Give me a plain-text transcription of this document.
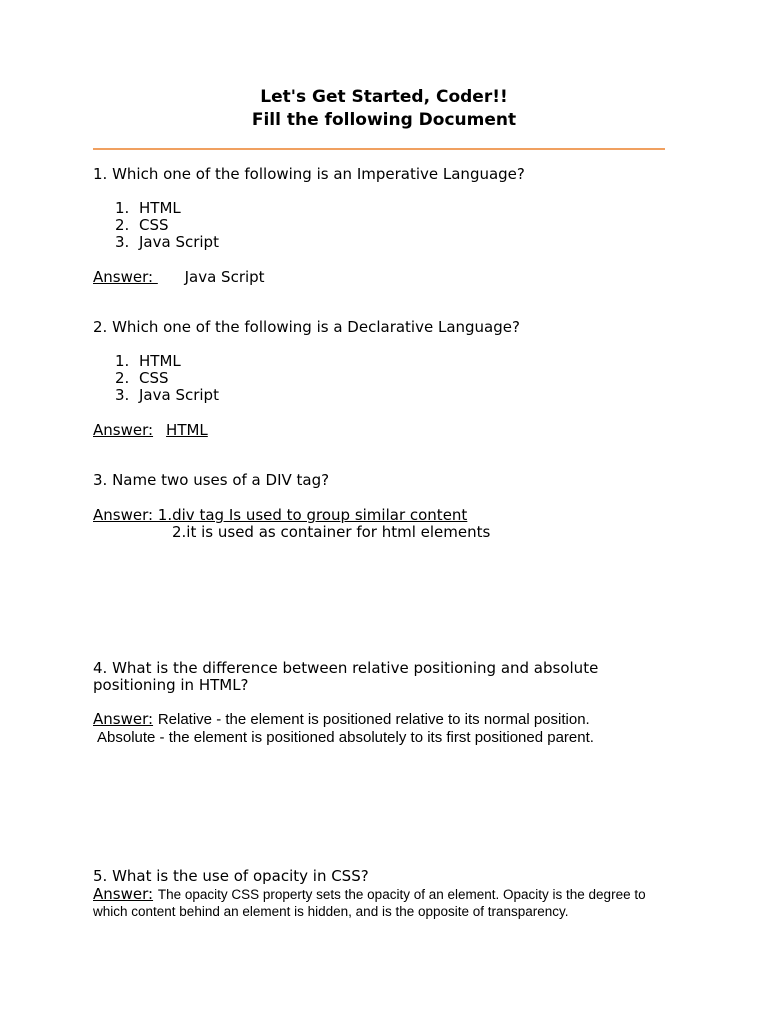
Let's Get Started, Coder!!
Fill the following Document
1. Which one of the following is an Imperative Language?
1. HTML
2. CSS
3. Java Script
Answer:  Java Script
2. Which one of the following is a Declarative Language?
1. HTML
2. CSS
3. Java Script
Answer: HTML
3. Name two uses of a DIV tag?
Answer: 1.div tag Is used to group similar content
2.it is used as container for html elements
4. What is the difference between relative positioning and absolute
positioning in HTML?
Answer: Relative - the element is positioned relative to its normal position.
Absolute - the element is positioned absolutely to its first positioned parent.
5. What is the use of opacity in CSS?
Answer: The opacity CSS property sets the opacity of an element. Opacity is the degree to
which content behind an element is hidden, and is the opposite of transparency.
